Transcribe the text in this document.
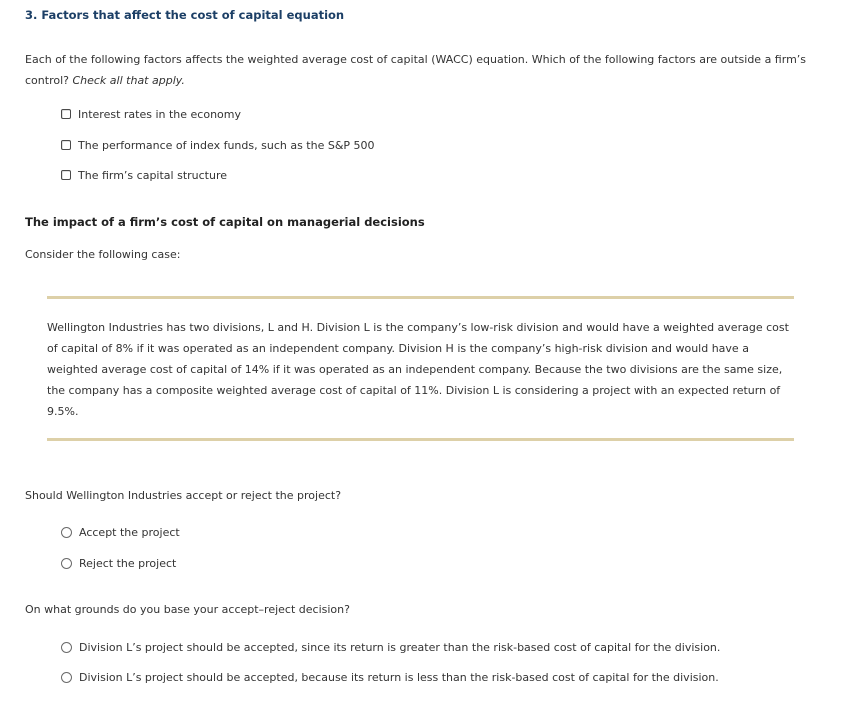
3. Factors that affect the cost of capital equation
Each of the following factors affects the weighted average cost of capital (WACC) equation. Which of the following factors are outside a firm’s control? Check all that apply.
Interest rates in the economy
The performance of index funds, such as the S&P 500
The firm’s capital structure
The impact of a firm’s cost of capital on managerial decisions
Consider the following case:
Wellington Industries has two divisions, L and H. Division L is the company’s low-risk division and would have a weighted average cost of capital of 8% if it was operated as an independent company. Division H is the company’s high-risk division and would have a weighted average cost of capital of 14% if it was operated as an independent company. Because the two divisions are the same size, the company has a composite weighted average cost of capital of 11%. Division L is considering a project with an expected return of 9.5%.
Should Wellington Industries accept or reject the project?
Accept the project
Reject the project
On what grounds do you base your accept–reject decision?
Division L’s project should be accepted, since its return is greater than the risk-based cost of capital for the division.
Division L’s project should be accepted, because its return is less than the risk-based cost of capital for the division.
